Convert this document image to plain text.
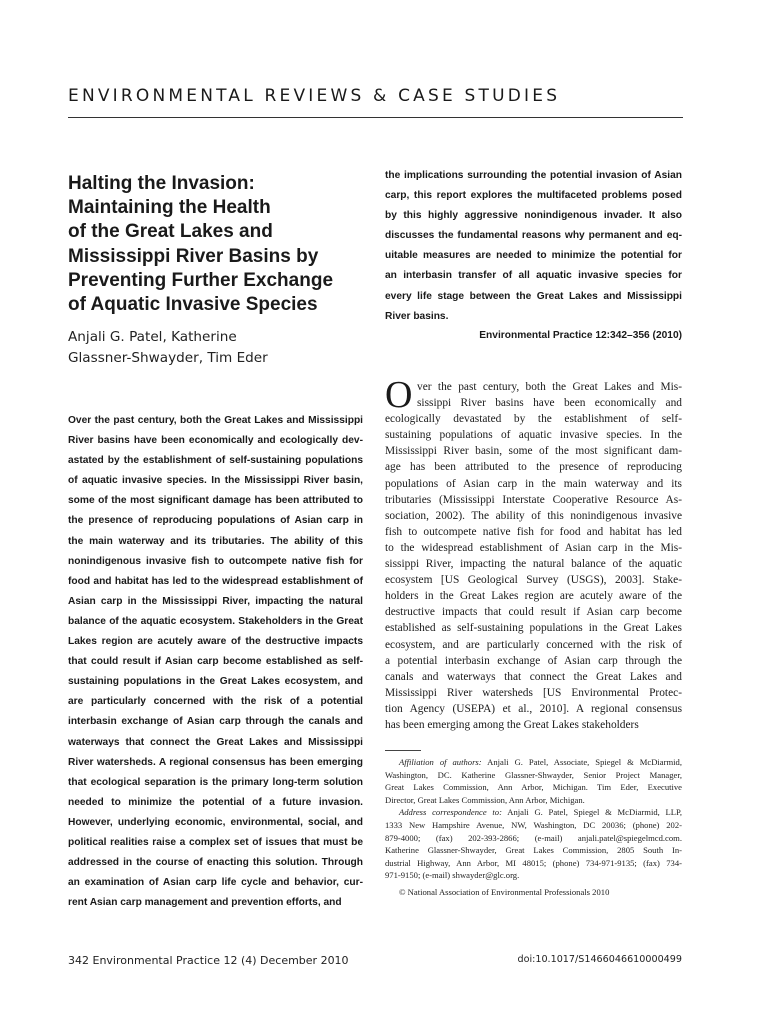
ENVIRONMENTAL REVIEWS & CASE STUDIES
Halting the Invasion:
Maintaining the Health
of the Great Lakes and
Mississippi River Basins by
Preventing Further Exchange
of Aquatic Invasive Species
Anjali G. Patel, Katherine
Glassner-Shwayder, Tim Eder
Over the past century, both the Great Lakes and Mississippi
River basins have been economically and ecologically dev-
astated by the establishment of self-sustaining populations
of aquatic invasive species. In the Mississippi River basin,
some of the most significant damage has been attributed to
the presence of reproducing populations of Asian carp in
the main waterway and its tributaries. The ability of this
nonindigenous invasive fish to outcompete native fish for
food and habitat has led to the widespread establishment of
Asian carp in the Mississippi River, impacting the natural
balance of the aquatic ecosystem. Stakeholders in the Great
Lakes region are acutely aware of the destructive impacts
that could result if Asian carp become established as self-
sustaining populations in the Great Lakes ecosystem, and
are particularly concerned with the risk of a potential
interbasin exchange of Asian carp through the canals and
waterways that connect the Great Lakes and Mississippi
River watersheds. A regional consensus has been emerging
that ecological separation is the primary long-term solution
needed to minimize the potential of a future invasion.
However, underlying economic, environmental, social, and
political realities raise a complex set of issues that must be
addressed in the course of enacting this solution. Through
an examination of Asian carp life cycle and behavior, cur-
rent Asian carp management and prevention efforts, and
the implications surrounding the potential invasion of Asian
carp, this report explores the multifaceted problems posed
by this highly aggressive nonindigenous invader. It also
discusses the fundamental reasons why permanent and eq-
uitable measures are needed to minimize the potential for
an interbasin transfer of all aquatic invasive species for
every life stage between the Great Lakes and Mississippi
River basins.
Environmental Practice 12:342–356 (2010)
O ver the past century, both the Great Lakes and Mis-
sissippi River basins have been economically and
ecologically devastated by the establishment of self-
sustaining populations of aquatic invasive species. In the
Mississippi River basin, some of the most significant dam-
age has been attributed to the presence of reproducing
populations of Asian carp in the main waterway and its
tributaries (Mississippi Interstate Cooperative Resource As-
sociation, 2002). The ability of this nonindigenous invasive
fish to outcompete native fish for food and habitat has led
to the widespread establishment of Asian carp in the Mis-
sissippi River, impacting the natural balance of the aquatic
ecosystem [US Geological Survey (USGS), 2003]. Stake-
holders in the Great Lakes region are acutely aware of the
destructive impacts that could result if Asian carp become
established as self-sustaining populations in the Great Lakes
ecosystem, and are particularly concerned with the risk of
a potential interbasin exchange of Asian carp through the
canals and waterways that connect the Great Lakes and
Mississippi River watersheds [US Environmental Protec-
tion Agency (USEPA) et al., 2010]. A regional consensus
has been emerging among the Great Lakes stakeholders
Affiliation of authors: Anjali G. Patel, Associate, Spiegel & McDiarmid,
Washington, DC. Katherine Glassner-Shwayder, Senior Project Manager,
Great Lakes Commission, Ann Arbor, Michigan. Tim Eder, Executive
Director, Great Lakes Commission, Ann Arbor, Michigan.
Address correspondence to: Anjali G. Patel, Spiegel & McDiarmid, LLP,
1333 New Hampshire Avenue, NW, Washington, DC 20036; (phone) 202-
879-4000; (fax) 202-393-2866; (e-mail) anjali.patel@spiegelmcd.com.
Katherine Glassner-Shwayder, Great Lakes Commission, 2805 South In-
dustrial Highway, Ann Arbor, MI 48015; (phone) 734-971-9135; (fax) 734-
971-9150; (e-mail) shwayder@glc.org.
© National Association of Environmental Professionals 2010
342 Environmental Practice 12 (4) December 2010	doi:10.1017/S1466046610000499
